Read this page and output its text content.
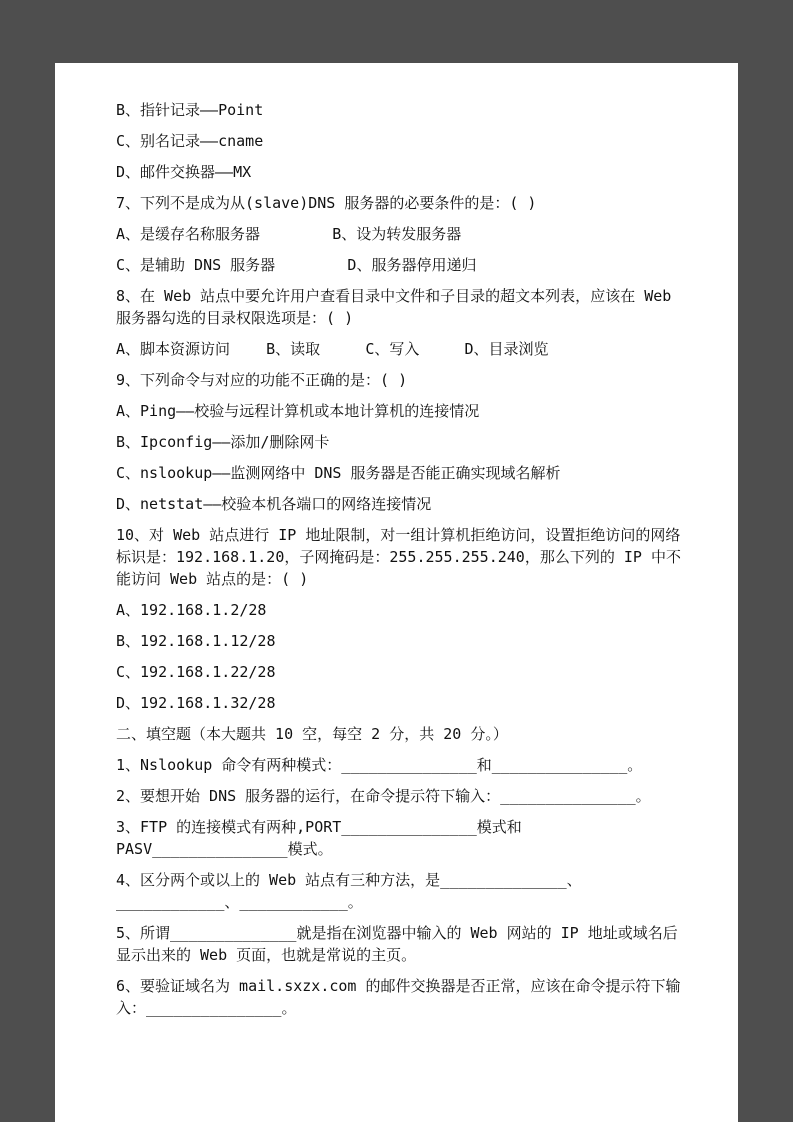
B、指针记录——Point

C、别名记录——cname

D、邮件交换器——MX

7、下列不是成为从(slave)DNS 服务器的必要条件的是：( )

A、是缓存名称服务器        B、设为转发服务器

C、是辅助 DNS 服务器        D、服务器停用递归

8、在 Web 站点中要允许用户查看目录中文件和子目录的超文本列表，应该在 Web 服务器勾选的目录权限选项是：( )

A、脚本资源访问    B、读取     C、写入     D、目录浏览

9、下列命令与对应的功能不正确的是：( )

A、Ping——校验与远程计算机或本地计算机的连接情况

B、Ipconfig——添加/删除网卡

C、nslookup——监测网络中 DNS 服务器是否能正确实现域名解析

D、netstat——校验本机各端口的网络连接情况

10、对 Web 站点进行 IP 地址限制，对一组计算机拒绝访问，设置拒绝访问的网络标识是：192.168.1.20，子网掩码是：255.255.255.240，那么下列的 IP 中不能访问 Web 站点的是：( )

A、192.168.1.2/28

B、192.168.1.12/28

C、192.168.1.22/28

D、192.168.1.32/28

二、填空题（本大题共 10 空，每空 2 分，共 20 分。）

1、Nslookup 命令有两种模式：_______________和_______________。

2、要想开始 DNS 服务器的运行，在命令提示符下输入：_______________。

3、FTP 的连接模式有两种,PORT_______________模式和 PASV_______________模式。

4、区分两个或以上的 Web 站点有三种方法，是______________、____________、____________。

5、所谓______________就是指在浏览器中输入的 Web 网站的 IP 地址或域名后显示出来的 Web 页面，也就是常说的主页。

6、要验证域名为 mail.sxzx.com 的邮件交换器是否正常，应该在命令提示符下输入：_______________。
